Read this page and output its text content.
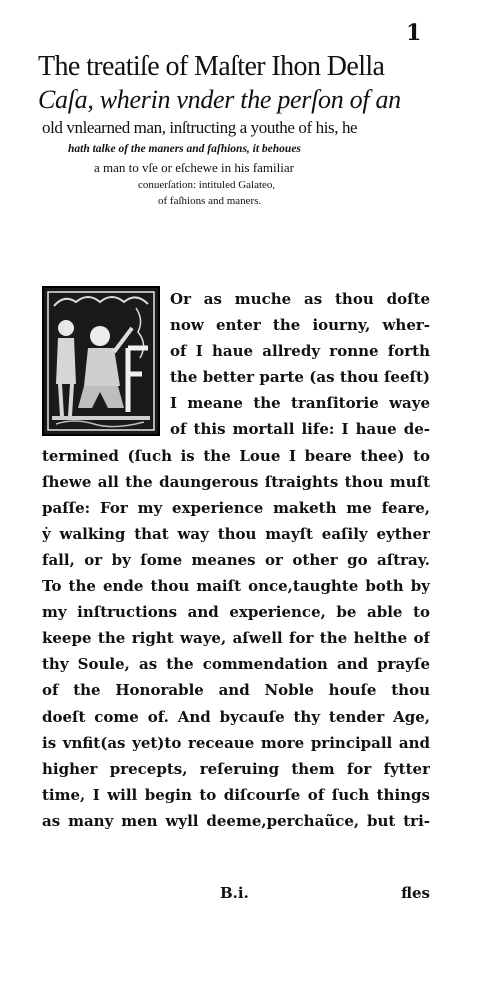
1
The treatiſe of Maſter Ihon Della
Caſa, wherin vnder the perſon of an
old vnlearned man, inſtructing a youthe of his, he
hath talke of the maners and faſhions, it behoues
a man to vſe or eſchewe in his familiar
conuerſation: intituled Galateo,
of faſhions and maners.
Or as muche as thou doſte
now enter the iourny, wher-
of I haue allredy ronne forth
the better parte (as thou ſeeſt)
I meane the tranſitorie waye
of this mortall life: I haue de-
termined (ſuch is the Loue I beare thee) to
ſhewe all the daungerous ſtraights thou muſt
paſſe: For my experience maketh me feare,
ẏ walking that way thou mayſt eaſily eyther
fall, or by ſome meanes or other go aſtray.
To the ende thou maiſt once,taughte both by
my inſtructions and experience, be able to
keepe the right waye, aſwell for the helthe of
thy Soule, as the commendation and prayſe
of the Honorable and Noble houſe thou
doeſt come of. And bycauſe thy tender Age,
is vnfit(as yet)to receaue more principall and
higher precepts, reſeruing them for fytter
time, I will begin to diſcourſe of ſuch things
as many men wyll deeme,perchaũce, but tri-
B.i.	fles
